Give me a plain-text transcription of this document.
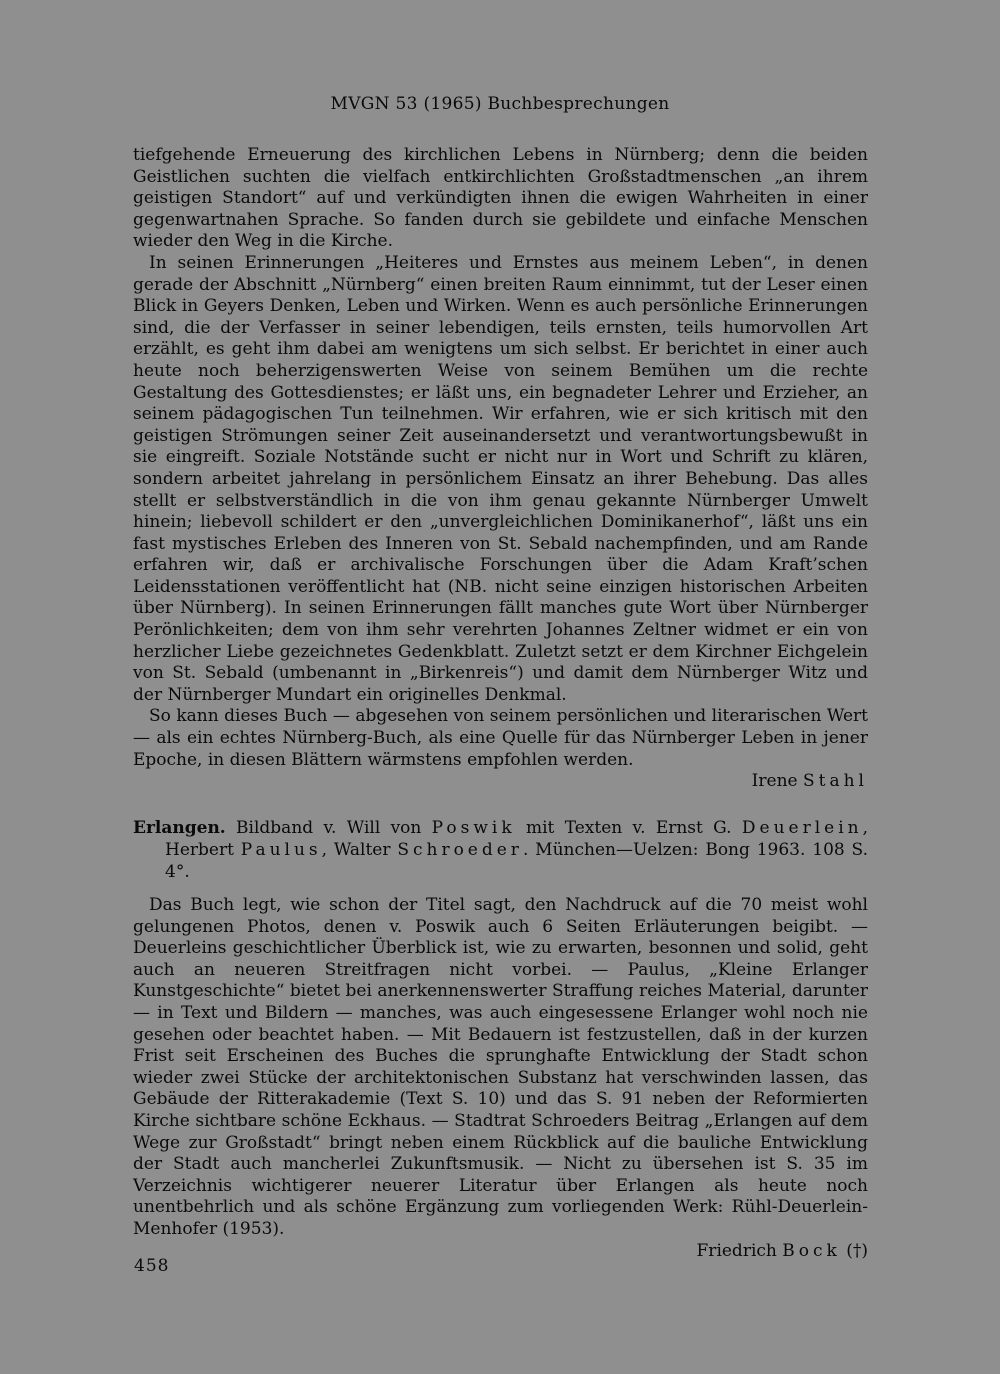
MVGN 53 (1965) Buchbesprechungen

tiefgehende Erneuerung des kirchlichen Lebens in Nürnberg; denn die beiden Geistlichen suchten die vielfach entkirchlichten Großstadtmenschen „an ihrem geistigen Standort“ auf und verkündigten ihnen die ewigen Wahrheiten in einer gegenwartnahen Sprache. So fanden durch sie gebildete und einfache Menschen wieder den Weg in die Kirche.

In seinen Erinnerungen „Heiteres und Ernstes aus meinem Leben“, in denen gerade der Abschnitt „Nürnberg“ einen breiten Raum einnimmt, tut der Leser einen Blick in Geyers Denken, Leben und Wirken. Wenn es auch persönliche Erinnerungen sind, die der Verfasser in seiner lebendigen, teils ernsten, teils humorvollen Art erzählt, es geht ihm dabei am wenigtens um sich selbst. Er berichtet in einer auch heute noch beherzigenswerten Weise von seinem Bemühen um die rechte Gestaltung des Gottesdienstes; er läßt uns, ein begnadeter Lehrer und Erzieher, an seinem pädagogischen Tun teilnehmen. Wir erfahren, wie er sich kritisch mit den geistigen Strömungen seiner Zeit auseinandersetzt und verantwortungsbewußt in sie eingreift. Soziale Notstände sucht er nicht nur in Wort und Schrift zu klären, sondern arbeitet jahrelang in persönlichem Einsatz an ihrer Behebung. Das alles stellt er selbstverständlich in die von ihm genau gekannte Nürnberger Umwelt hinein; liebevoll schildert er den „unvergleichlichen Dominikanerhof“, läßt uns ein fast mystisches Erleben des Inneren von St. Sebald nachempfinden, und am Rande erfahren wir, daß er archivalische Forschungen über die Adam Kraft’schen Leidensstationen veröffentlicht hat (NB. nicht seine einzigen historischen Arbeiten über Nürnberg). In seinen Erinnerungen fällt manches gute Wort über Nürnberger Perönlichkeiten; dem von ihm sehr verehrten Johannes Zeltner widmet er ein von herzlicher Liebe gezeichnetes Gedenkblatt. Zuletzt setzt er dem Kirchner Eichgelein von St. Sebald (umbenannt in „Birkenreis“) und damit dem Nürnberger Witz und der Nürnberger Mundart ein originelles Denkmal.

So kann dieses Buch — abgesehen von seinem persönlichen und literarischen Wert — als ein echtes Nürnberg-Buch, als eine Quelle für das Nürnberger Leben in jener Epoche, in diesen Blättern wärmstens empfohlen werden.

Irene Stahl

Erlangen. Bildband v. Will von Poswik mit Texten v. Ernst G. Deuerlein, Herbert Paulus, Walter Schroeder. München—Uelzen: Bong 1963. 108 S. 4°.

Das Buch legt, wie schon der Titel sagt, den Nachdruck auf die 70 meist wohl gelungenen Photos, denen v. Poswik auch 6 Seiten Erläuterungen beigibt. — Deuerleins geschichtlicher Überblick ist, wie zu erwarten, besonnen und solid, geht auch an neueren Streitfragen nicht vorbei. — Paulus, „Kleine Erlanger Kunstgeschichte“ bietet bei anerkennenswerter Straffung reiches Material, darunter — in Text und Bildern — manches, was auch eingesessene Erlanger wohl noch nie gesehen oder beachtet haben. — Mit Bedauern ist festzustellen, daß in der kurzen Frist seit Erscheinen des Buches die sprunghafte Entwicklung der Stadt schon wieder zwei Stücke der architektonischen Substanz hat verschwinden lassen, das Gebäude der Ritterakademie (Text S. 10) und das S. 91 neben der Reformierten Kirche sichtbare schöne Eckhaus. — Stadtrat Schroeders Beitrag „Erlangen auf dem Wege zur Großstadt“ bringt neben einem Rückblick auf die bauliche Entwicklung der Stadt auch mancherlei Zukunftsmusik. — Nicht zu übersehen ist S. 35 im Verzeichnis wichtigerer neuerer Literatur über Erlangen als heute noch unentbehrlich und als schöne Ergänzung zum vorliegenden Werk: Rühl-Deuerlein-Menhofer (1953).

Friedrich Bock (†)

458
